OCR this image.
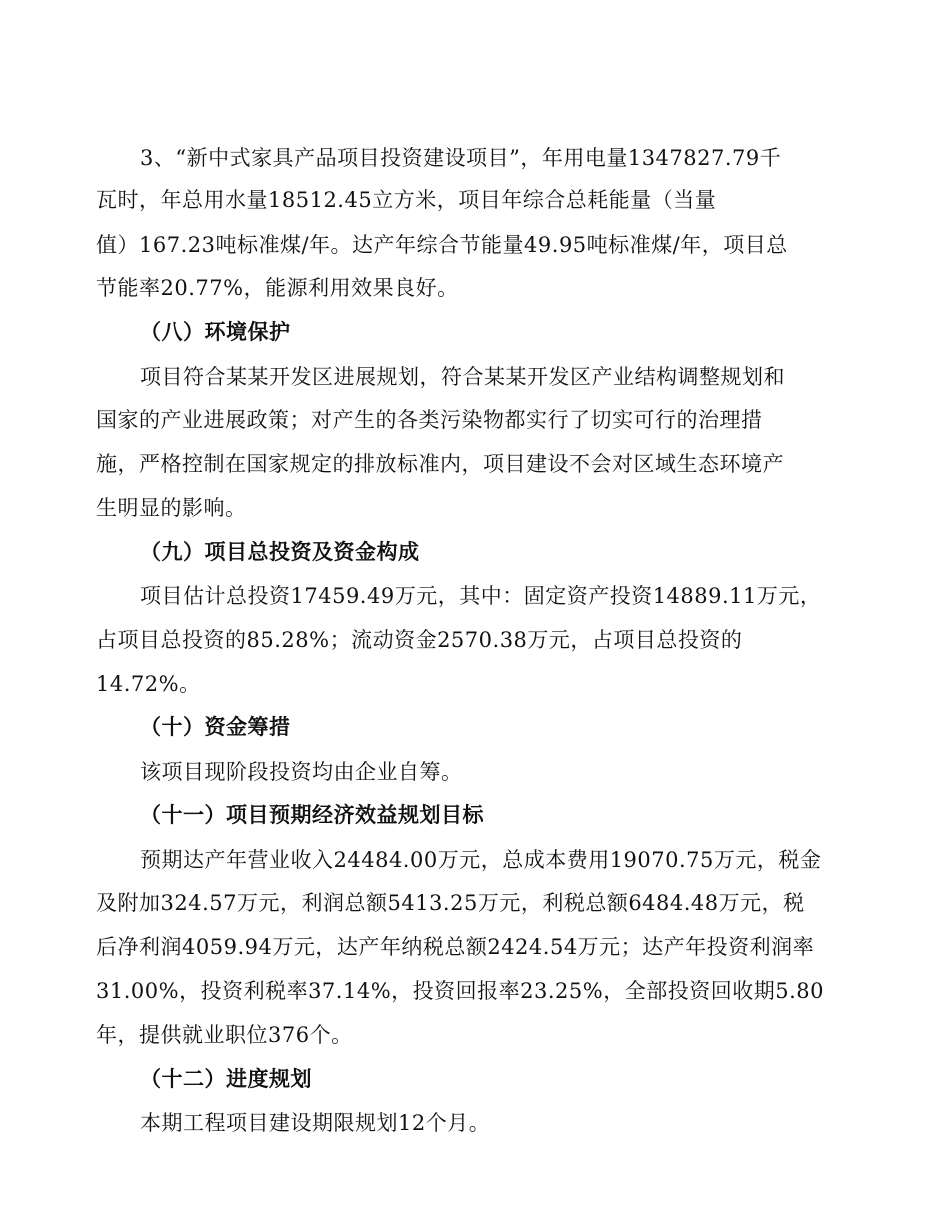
3、“新中式家具产品项目投资建设项目”，年用电量1347827.79千
瓦时，年总用水量18512.45立方米，项目年综合总耗能量（当量
值）167.23吨标准煤/年。达产年综合节能量49.95吨标准煤/年，项目总
节能率20.77%，能源利用效果良好。
（八）环境保护
项目符合某某开发区进展规划，符合某某开发区产业结构调整规划和
国家的产业进展政策；对产生的各类污染物都实行了切实可行的治理措
施，严格控制在国家规定的排放标准内，项目建设不会对区域生态环境产
生明显的影响。
（九）项目总投资及资金构成
项目估计总投资17459.49万元，其中：固定资产投资14889.11万元，
占项目总投资的85.28%；流动资金2570.38万元，占项目总投资的
14.72%。
（十）资金筹措
该项目现阶段投资均由企业自筹。
（十一）项目预期经济效益规划目标
预期达产年营业收入24484.00万元，总成本费用19070.75万元，税金
及附加324.57万元，利润总额5413.25万元，利税总额6484.48万元，税
后净利润4059.94万元，达产年纳税总额2424.54万元；达产年投资利润率
31.00%，投资利税率37.14%，投资回报率23.25%，全部投资回收期5.80
年，提供就业职位376个。
（十二）进度规划
本期工程项目建设期限规划12个月。
